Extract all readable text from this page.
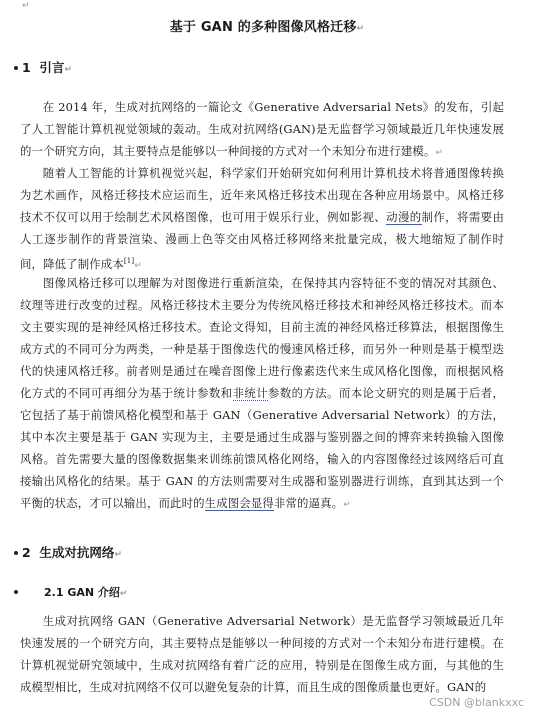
↵
基于 GAN 的多种图像风格迁移↵
1 引言↵
在 2014 年，生成对抗网络的一篇论文《Generative Adversarial Nets》的发布，引起了人工智能计算机视觉领域的轰动。生成对抗网络(GAN)是无监督学习领域最近几年快速发展的一个研究方向，其主要特点是能够以一种间接的方式对一个未知分布进行建模。↵
随着人工智能的计算机视觉兴起，科学家们开始研究如何利用计算机技术将普通图像转换为艺术画作，风格迁移技术应运而生，近年来风格迁移技术出现在各种应用场景中。风格迁移技术不仅可以用于绘制艺术风格图像，也可用于娱乐行业，例如影视、动漫的制作，将需要由人工逐步制作的背景渲染、漫画上色等交由风格迁移网络来批量完成，极大地缩短了制作时间，降低了制作成本[1]↵
图像风格迁移可以理解为对图像进行重新渲染，在保持其内容特征不变的情况对其颜色、纹理等进行改变的过程。风格迁移技术主要分为传统风格迁移技术和神经风格迁移技术。而本文主要实现的是神经风格迁移技术。查论文得知，目前主流的神经风格迁移算法，根据图像生成方式的不同可分为两类，一种是基于图像迭代的慢速风格迁移，而另外一种则是基于模型迭代的快速风格迁移。前者则是通过在噪音图像上进行像素迭代来生成风格化图像，而根据风格化方式的不同可再细分为基于统计参数和非统计参数的方法。而本论文研究的则是属于后者，它包括了基于前馈风格化模型和基于 GAN（Generative Adversarial Network）的方法，其中本次主要是基于 GAN 实现为主，主要是通过生成器与鉴别器之间的博弈来转换输入图像风格。首先需要大量的图像数据集来训练前馈风格化网络，输入的内容图像经过该网络后可直接输出风格化的结果。基于 GAN 的方法则需要对生成器和鉴别器进行训练，直到其达到一个平衡的状态，才可以输出，而此时的生成图会显得非常的逼真。↵
2 生成对抗网络↵
2.1 GAN 介绍↵
生成对抗网络 GAN（Generative Adversarial Network）是无监督学习领域最近几年快速发展的一个研究方向，其主要特点是能够以一种间接的方式对一个未知分布进行建模。在计算机视觉研究领域中，生成对抗网络有着广泛的应用，特别是在图像生成方面，与其他的生成模型相比，生成对抗网络不仅可以避免复杂的计算，而且生成的图像质量也更好。GAN的
CSDN @blankxxc
